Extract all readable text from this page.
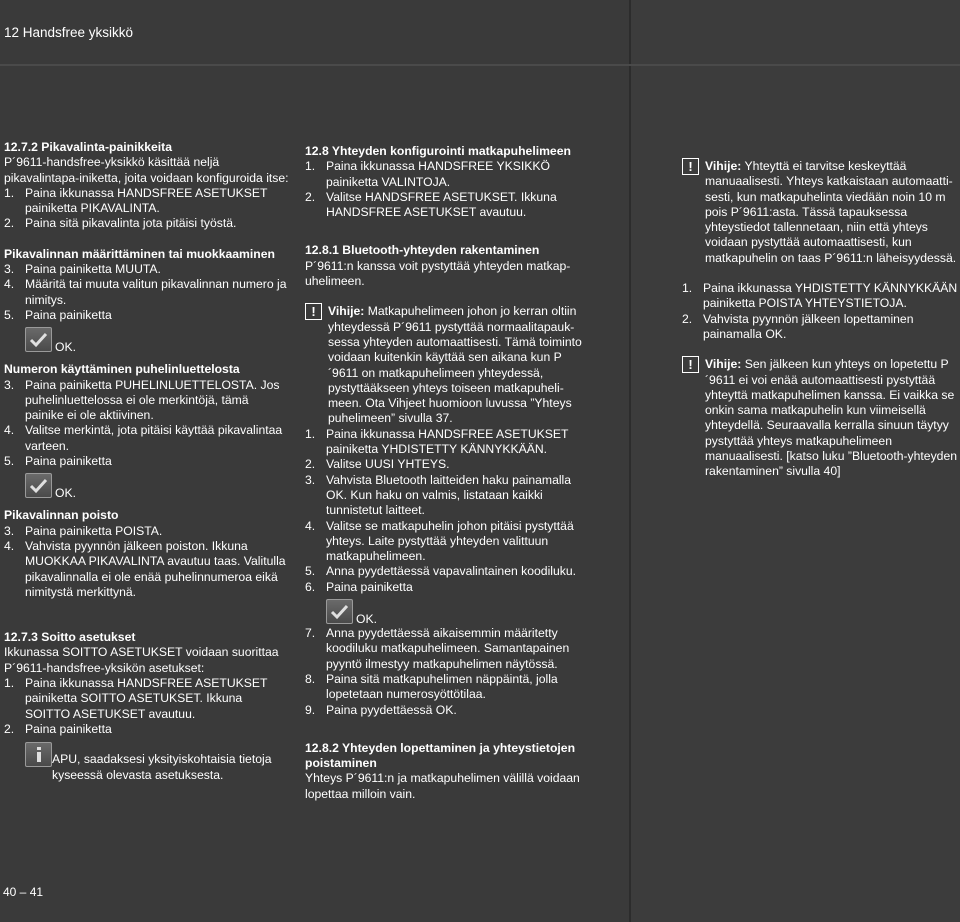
12 Handsfree yksikkö

12.7.2 Pikavalinta-painikkeita

P´9611-handsfree-yksikkö käsittää neljä pikavalintapa-iniketta, joita voidaan konfiguroida itse:

1. Paina ikkunassa HANDSFREE ASETUKSET painiketta PIKAVALINTA.
2. Paina sitä pikavalinta jota pitäisi työstä.

Pikavalinnan määrittäminen tai muokkaaminen

3. Paina painiketta MUUTA.
4. Määritä tai muuta valitun pikavalinnan numero ja nimitys.
5. Paina painiketta
OK.

Numeron käyttäminen puhelinluettelosta

3. Paina painiketta PUHELINLUETTELOSTA. Jos puhelinluettelossa ei ole merkintöjä, tämä painike ei ole aktiivinen.
4. Valitse merkintä, jota pitäisi käyttää pikavalintaa varteen.
5. Paina painiketta
OK.

Pikavalinnan poisto

3. Paina painiketta POISTA.
4. Vahvista pyynnön jälkeen poiston. Ikkuna MUOKKAA PIKAVALINTA avautuu taas. Valitulla pikavalinnalla ei ole enää puhelinnumeroa eikä nimitystä merkittynä.

12.7.3 Soitto asetukset

Ikkunassa SOITTO ASETUKSET voidaan suorittaa P´9611-handsfree-yksikön asetukset:

1. Paina ikkunassa HANDSFREE ASETUKSET painiketta SOITTO ASETUKSET. Ikkuna SOITTO ASETUKSET avautuu.
2. Paina painiketta
APU, saadaksesi yksityiskohtaisia tietoja kyseessä olevasta asetuksesta.

12.8 Yhteyden konfigurointi matkapuhelimeen

1. Paina ikkunassa HANDSFREE YKSIKKÖ painiketta VALINTOJA.
2. Valitse HANDSFREE ASETUKSET. Ikkuna HANDSFREE ASETUKSET avautuu.

12.8.1 Bluetooth-yhteyden rakentaminen

P´9611:n kanssa voit pystyttää yhteyden matkap-uhelimeen.

!	Vihije: Matkapuhelimeen johon jo kerran oltiin yhteydessä P´9611 pystyttää normaalitapauk-sessa yhteyden automaattisesti. Tämä toiminto voidaan kuitenkin käyttää sen aikana kun P´9611 on matkapuhelimeen yhteydessä, pystyttääkseen yhteys toiseen matkapuheli-meen. Ota Vihjeet huomioon luvussa ”Yhteys puhelimeen” sivulla 37.
1. Paina ikkunassa HANDSFREE ASETUKSET painiketta YHDISTETTY KÄNNYKKÄÄN.
2. Valitse UUSI YHTEYS.
3. Vahvista Bluetooth laitteiden haku painamalla OK. Kun haku on valmis, listataan kaikki tunnistetut laitteet.
4. Valitse se matkapuhelin johon pitäisi pystyttää yhteys. Laite pystyttää yhteyden valittuun matkapuhelimeen.
5. Anna pyydettäessä vapavalintainen koodiluku.
6. Paina painiketta
OK.
7. Anna pyydettäessä aikaisemmin määritetty koodiluku matkapuhelimeen. Samantapainen pyyntö ilmestyy matkapuhelimen näytössä.
8. Paina sitä matkapuhelimen näppäintä, jolla lopetetaan numerosyöttötilaa.
9. Paina pyydettäessä OK.

12.8.2 Yhteyden lopettaminen ja yhteystietojen poistaminen

Yhteys P´9611:n ja matkapuhelimen välillä voidaan lopettaa milloin vain.

!	Vihije: Yhteyttä ei tarvitse keskeyttää manuaalisesti. Yhteys katkaistaan automaatti-sesti, kun matkapuhelinta viedään noin 10 m pois P´9611:asta. Tässä tapauksessa yhteystiedot tallennetaan, niin että yhteys voidaan pystyttää automaattisesti, kun matkapuhelin on taas P´9611:n läheisyydessä.
1. Paina ikkunassa YHDISTETTY KÄNNYKKÄÄN painiketta POISTA YHTEYSTIETOJA.
2. Vahvista pyynnön jälkeen lopettaminen painamalla OK.
!	Vihije: Sen jälkeen kun yhteys on lopetettu P´9611 ei voi enää automaattisesti pystyttää yhteyttä matkapuhelimen kanssa. Ei vaikka se onkin sama matkapuhelin kun viimeisellä yhteydellä. Seuraavalla kerralla sinuun täytyy pystyttää yhteys matkapuhelimeen manuaalisesti. [katso luku ”Bluetooth-yhteyden rakentaminen” sivulla 40]
40 – 41
